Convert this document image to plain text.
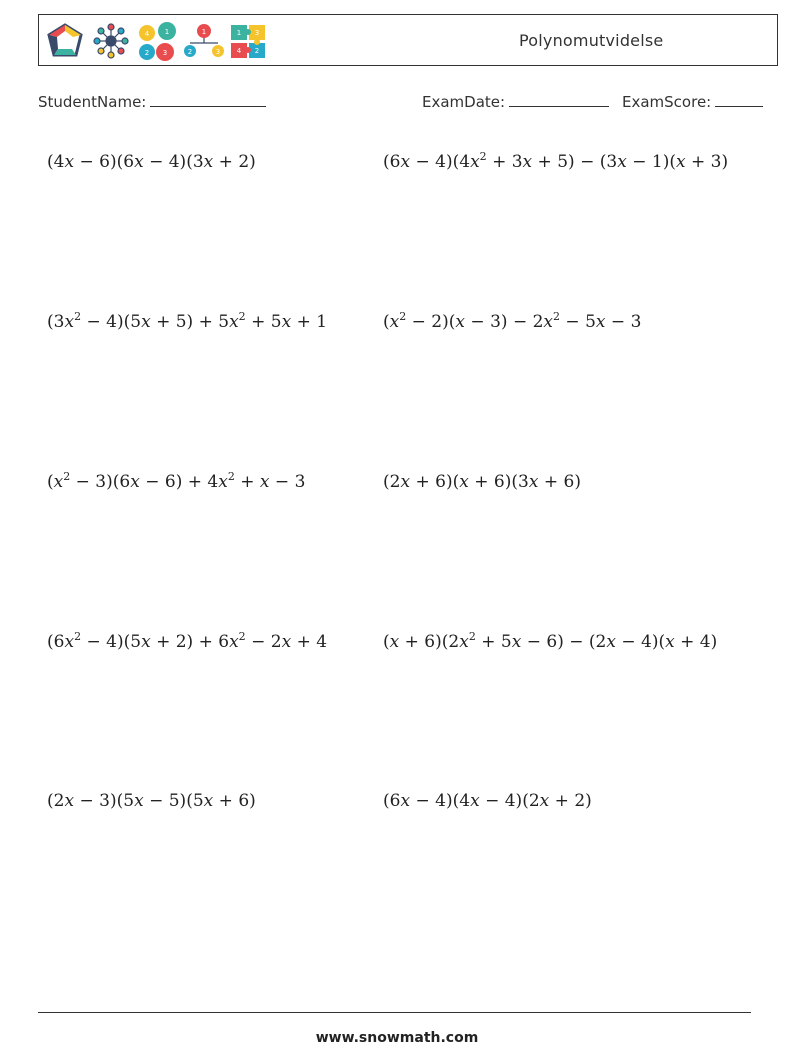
4 1
2 3
1
2	3
1 3
4 2
Polynomutvidelse
StudentName:	ExamDate:	ExamScore:
(4x − 6)(6x − 4)(3x + 2)	$(6x - 4)(4x^2 + 3x + 5) - (3x - 1)(x + 3)$
$(3x^2 - 4)(5x + 5) + 5x^2 + 5x + 1$	$(x^2 - 2)(x - 3) - 2x^2 - 5x - 3$
$(x^2 - 3)(6x - 6) + 4x^2 + x - 3$	(2x + 6)(x + 6)(3x + 6)
$(6x^2 - 4)(5x + 2) + 6x^2 - 2x + 4$	$(x + 6)(2x^2 + 5x - 6) - (2x - 4)(x + 4)$
(2x − 3)(5x − 5)(5x + 6)	(6x − 4)(4x − 4)(2x + 2)
www.snowmath.com
